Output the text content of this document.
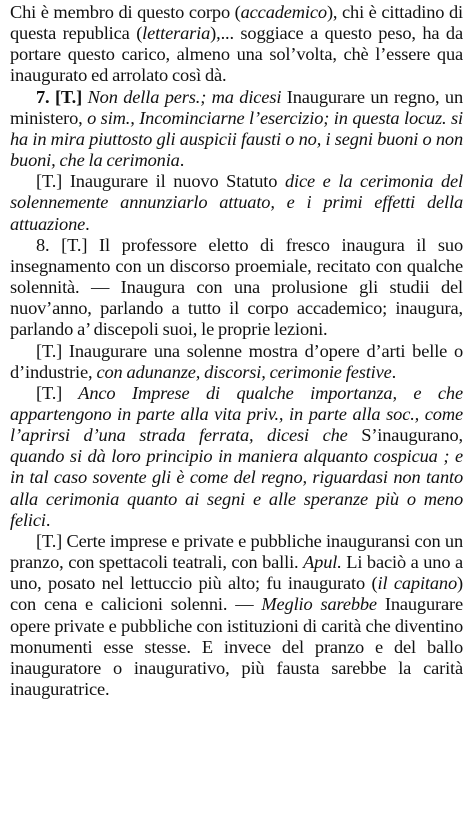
Chi è membro di questo corpo (accademico), chi è cittadino di questa republica (letteraria),... soggiace a questo peso, ha da portare questo carico, almeno una sol’volta, chè l’essere qua inaugurato ed arrolato così dà.

7. [T.] Non della pers.; ma dicesi Inaugurare un regno, un ministero, o sim., Incominciarne l’esercizio; in questa locuz. si ha in mira piuttosto gli auspicii fausti o no, i segni buoni o non buoni, che la cerimonia.

[T.] Inaugurare il nuovo Statuto dice e la cerimonia del solennemente annunziarlo attuato, e i primi effetti della attuazione.

8. [T.] Il professore eletto di fresco inaugura il suo insegnamento con un discorso proemiale, recitato con qualche solennità. — Inaugura con una prolusione gli studii del nuov’anno, parlando a tutto il corpo accademico; inaugura, parlando a’ discepoli suoi, le proprie lezioni.

[T.] Inaugurare una solenne mostra d’opere d’arti belle o d’industrie, con adunanze, discorsi, cerimonie festive.

[T.] Anco Imprese di qualche importanza, e che appartengono in parte alla vita priv., in parte alla soc., come l’aprirsi d’una strada ferrata, dicesi che S’inaugurano, quando si dà loro principio in maniera alquanto cospicua ; e in tal caso sovente gli è come del regno, riguardasi non tanto alla cerimonia quanto ai segni e alle speranze più o meno felici.

[T.] Certe imprese e private e pubbliche inauguransi con un pranzo, con spettacoli teatrali, con balli. Apul. Li baciò a uno a uno, posato nel lettuccio più alto; fu inaugurato (il capitano) con cena e calicioni solenni. — Meglio sarebbe Inaugurare opere private e pubbliche con istituzioni di carità che diventino monumenti esse stesse. E invece del pranzo e del ballo inauguratore o inaugurativo, più fausta sarebbe la carità inauguratrice.
